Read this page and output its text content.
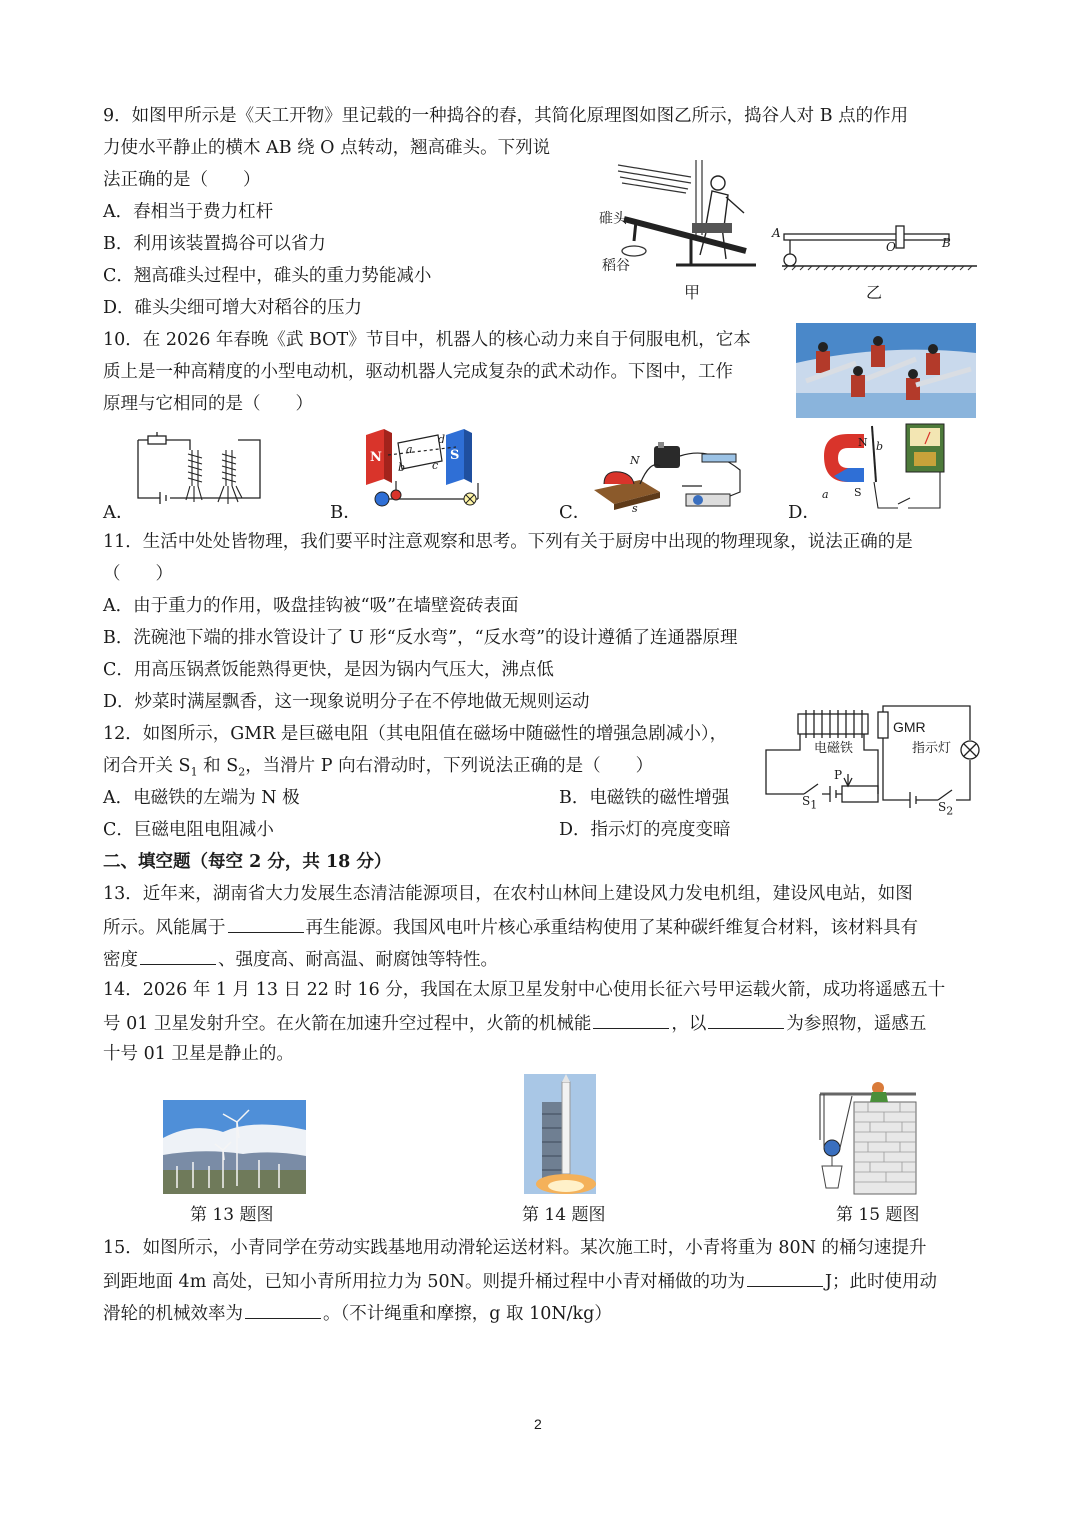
9．如图甲所示是《天工开物》里记载的一种捣谷的舂，其简化原理图如图乙所示，捣谷人对 B 点的作用
力使水平静止的横木 AB 绕 O 点转动，翘高碓头。下列说
法正确的是（　　）
A．舂相当于费力杠杆
B．利用该装置捣谷可以省力
C．翘高碓头过程中，碓头的重力势能减小
D．碓头尖细可增大对稻谷的压力
碓头
稻谷
甲
A
O	B
乙
10．在 2026 年春晚《武 BOT》节目中，机器人的核心动力来自于伺服电机，它本
质上是一种高精度的小型电动机，驱动机器人完成复杂的武术动作。下图中，工作
原理与它相同的是（　　）
A．	B．
a
b c
d
N	S
C．
N
s	D．
N b
S
a
11．生活中处处皆物理，我们要平时注意观察和思考。下列有关于厨房中出现的物理现象，说法正确的是
（　　）
A．由于重力的作用，吸盘挂钩被“吸”在墙壁瓷砖表面
B．洗碗池下端的排水管设计了 U 形“反水弯”，“反水弯”的设计遵循了连通器原理
C．用高压锅煮饭能熟得更快，是因为锅内气压大，沸点低
D．炒菜时满屋飘香，这一现象说明分子在不停地做无规则运动
12．如图所示，GMR 是巨磁电阻（其电阻值在磁场中随磁性的增强急剧减小），
闭合开关 $S_1$ 和 $S_2$，当滑片 P 向右滑动时，下列说法正确的是（　　）
A．电磁铁的左端为 N 极	B．电磁铁的磁性增强
C．巨磁电阻电阻减小	D．指示灯的亮度变暗
GMR
电磁铁	指示灯
P
$S_1$	$S_2$
二、填空题（每空 2 分，共 18 分）
13．近年来，湖南省大力发展生态清洁能源项目，在农村山林间上建设风力发电机组，建设风电站，如图
所示。风能属于	再生能源。我国风电叶片核心承重结构使用了某种碳纤维复合材料，该材料具有
密度	、强度高、耐高温、耐腐蚀等特性。
14．2026 年 1 月 13 日 22 时 16 分，我国在太原卫星发射中心使用长征六号甲运载火箭，成功将遥感五十
号 01 卫星发射升空。在火箭在加速升空过程中，火箭的机械能	，以	为参照物，遥感五
十号 01 卫星是静止的。
第 13 题图	第 14 题图	第 15 题图
15．如图所示，小青同学在劳动实践基地用动滑轮运送材料。某次施工时，小青将重为 80N 的桶匀速提升
到距地面 4m 高处，已知小青所用拉力为 50N。则提升桶过程中小青对桶做的功为	J；此时使用动
滑轮的机械效率为	。（不计绳重和摩擦，g 取 10N/kg）
2
